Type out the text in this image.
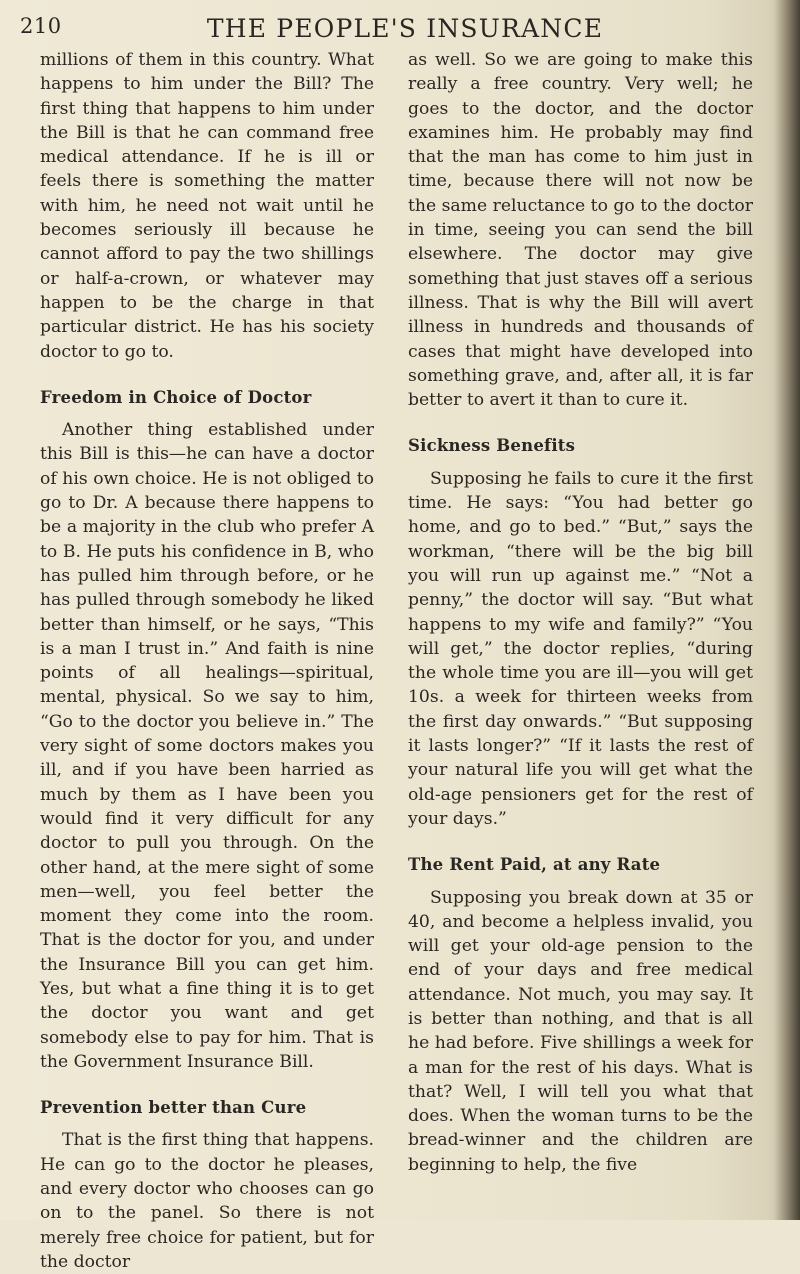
210	THE PEOPLE'S INSURANCE

millions of them in this country. What happens to him under the Bill? The first thing that happens to him under the Bill is that he can command free medical attendance. If he is ill or feels there is something the matter with him, he need not wait until he becomes seriously ill because he cannot afford to pay the two shillings or half-a-crown, or whatever may happen to be the charge in that particular district. He has his society doctor to go to.

Freedom in Choice of Doctor

Another thing established under this Bill is this—he can have a doctor of his own choice. He is not obliged to go to Dr. A because there happens to be a majority in the club who prefer A to B. He puts his confidence in B, who has pulled him through before, or he has pulled through somebody he liked better than himself, or he says, “This is a man I trust in.” And faith is nine points of all healings—spiritual, mental, physical. So we say to him, “Go to the doctor you believe in.” The very sight of some doctors makes you ill, and if you have been harried as much by them as I have been you would find it very difficult for any doctor to pull you through. On the other hand, at the mere sight of some men—well, you feel better the moment they come into the room. That is the doctor for you, and under the Insurance Bill you can get him. Yes, but what a fine thing it is to get the doctor you want and get somebody else to pay for him. That is the Government Insurance Bill.

Prevention better than Cure

That is the first thing that happens. He can go to the doctor he pleases, and every doctor who chooses can go on to the panel. So there is not merely free choice for patient, but for the doctor

as well. So we are going to make this really a free country. Very well; he goes to the doctor, and the doctor examines him. He probably may find that the man has come to him just in time, because there will not now be the same reluctance to go to the doctor in time, seeing you can send the bill elsewhere. The doctor may give something that just staves off a serious illness. That is why the Bill will avert illness in hundreds and thousands of cases that might have developed into something grave, and, after all, it is far better to avert it than to cure it.

Sickness Benefits

Supposing he fails to cure it the first time. He says: “You had better go home, and go to bed.” “But,” says the workman, “there will be the big bill you will run up against me.” “Not a penny,” the doctor will say. “But what happens to my wife and family?” “You will get,” the doctor replies, “during the whole time you are ill—you will get 10s. a week for thirteen weeks from the first day onwards.” “But supposing it lasts longer?” “If it lasts the rest of your natural life you will get what the old-age pensioners get for the rest of your days.”

The Rent Paid, at any Rate

Supposing you break down at 35 or 40, and become a helpless invalid, you will get your old-age pension to the end of your days and free medical attendance. Not much, you may say. It is better than nothing, and that is all he had before. Five shillings a week for a man for the rest of his days. What is that? Well, I will tell you what that does. When the woman turns to be the bread-winner and the children are beginning to help, the five
